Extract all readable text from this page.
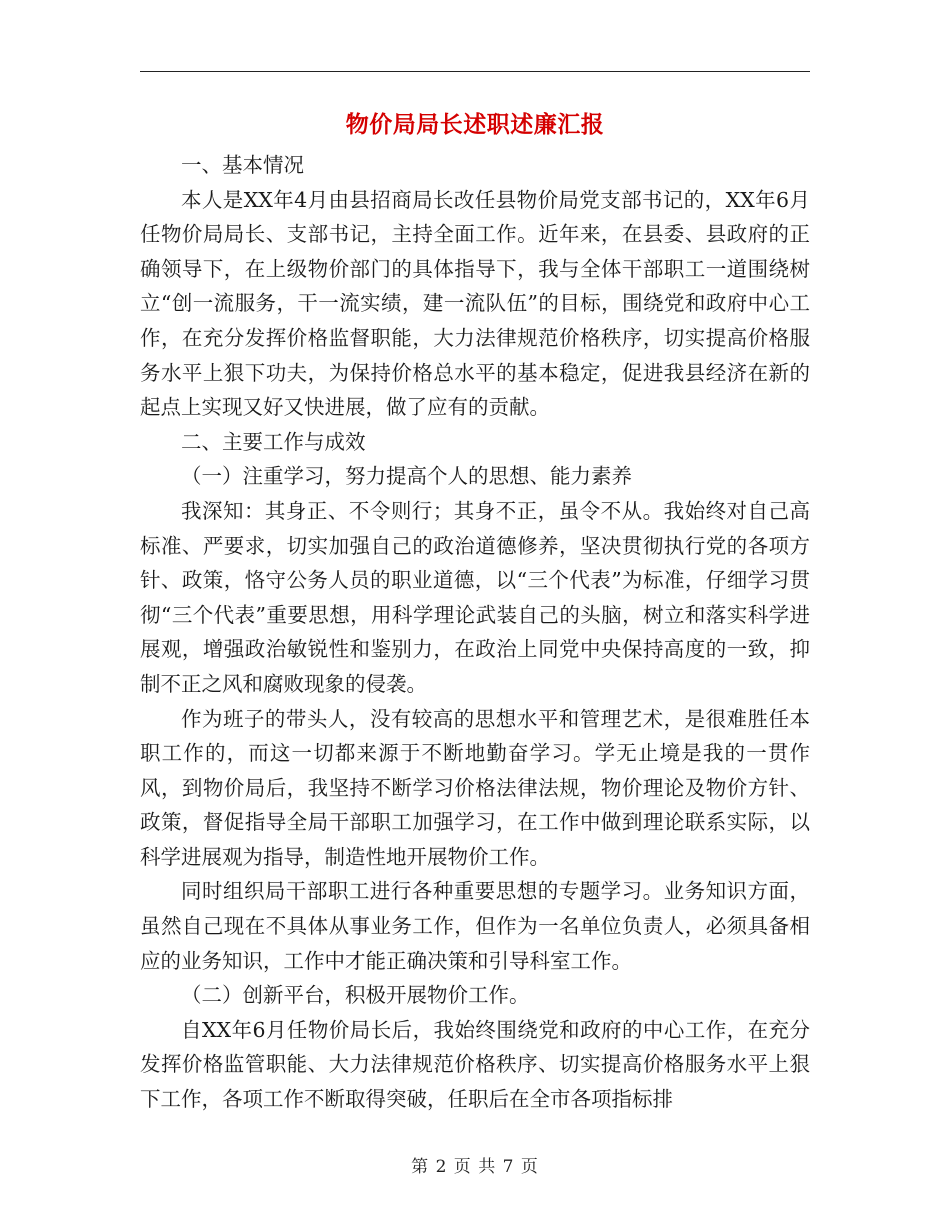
物价局局长述职述廉汇报

一、基本情况

本人是XX年4月由县招商局长改任县物价局党支部书记的，XX年6月任物价局局长、支部书记，主持全面工作。近年来，在县委、县政府的正确领导下，在上级物价部门的具体指导下，我与全体干部职工一道围绕树立“创一流服务，干一流实绩，建一流队伍”的目标，围绕党和政府中心工作，在充分发挥价格监督职能，大力法律规范价格秩序，切实提高价格服务水平上狠下功夫，为保持价格总水平的基本稳定，促进我县经济在新的起点上实现又好又快进展，做了应有的贡献。

二、主要工作与成效

（一）注重学习，努力提高个人的思想、能力素养

我深知：其身正、不令则行；其身不正，虽令不从。我始终对自己高标准、严要求，切实加强自己的政治道德修养，坚决贯彻执行党的各项方针、政策，恪守公务人员的职业道德，以“三个代表”为标准，仔细学习贯彻“三个代表”重要思想，用科学理论武装自己的头脑，树立和落实科学进展观，增强政治敏锐性和鉴别力，在政治上同党中央保持高度的一致，抑制不正之风和腐败现象的侵袭。

作为班子的带头人，没有较高的思想水平和管理艺术，是很难胜任本职工作的，而这一切都来源于不断地勤奋学习。学无止境是我的一贯作风，到物价局后，我坚持不断学习价格法律法规，物价理论及物价方针、政策，督促指导全局干部职工加强学习，在工作中做到理论联系实际，以科学进展观为指导，制造性地开展物价工作。

同时组织局干部职工进行各种重要思想的专题学习。业务知识方面，虽然自己现在不具体从事业务工作，但作为一名单位负责人，必须具备相应的业务知识，工作中才能正确决策和引导科室工作。

（二）创新平台，积极开展物价工作。

自XX年6月任物价局长后，我始终围绕党和政府的中心工作，在充分发挥价格监管职能、大力法律规范价格秩序、切实提高价格服务水平上狠下工作，各项工作不断取得突破，任职后在全市各项指标排

第 2 页 共 7 页
